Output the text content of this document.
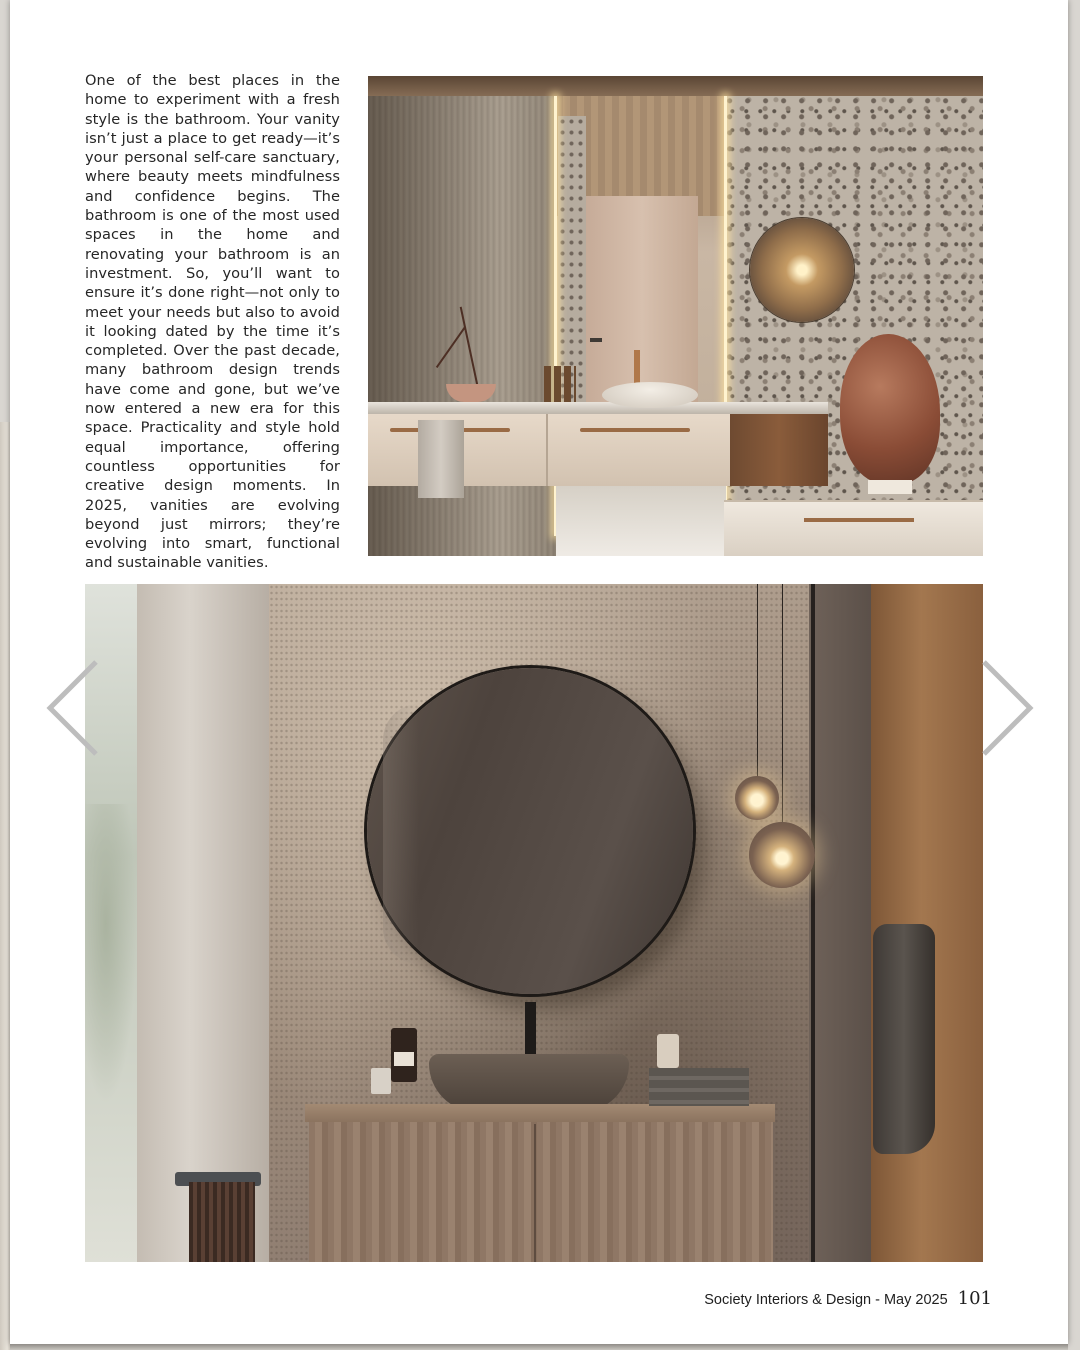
One of the best places in the home to experiment with a fresh style is the bathroom. Your vanity isn’t just a place to get ready—it’s your personal self-care sanctuary, where beauty meets mindfulness and confidence begins. The bathroom is one of the most used spaces in the home and renovating your bathroom is an investment. So, you’ll want to ensure it’s done right—not only to meet your needs but also to avoid it looking dated by the time it’s completed. Over the past decade, many bathroom design trends have come and gone, but we’ve now entered a new era for this space. Practicality and style hold equal importance, offering countless opportunities for creative design moments. In 2025, vanities are evolving beyond just mirrors; they’re evolving into smart, functional and sustainable vanities.

Society Interiors & Design - May 2025 101
